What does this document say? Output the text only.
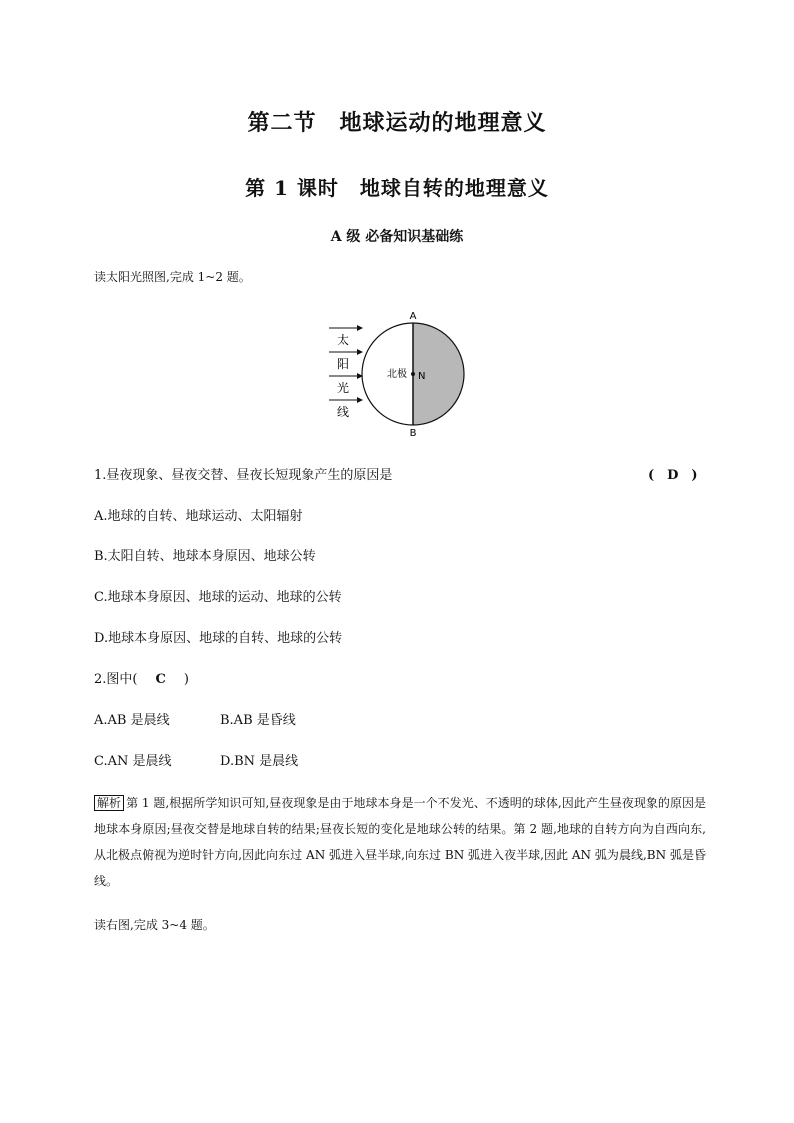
第二节　地球运动的地理意义
第 1 课时　地球自转的地理意义
A 级 必备知识基础练
读太阳光照图,完成 1~2 题。
太
阳
光
线
A
B
N
北极
1.昼夜现象、昼夜交替、昼夜长短现象产生的原因是	(　D　)
A.地球的自转、地球运动、太阳辐射
B.太阳自转、地球本身原因、地球公转
C.地球本身原因、地球的运动、地球的公转
D.地球本身原因、地球的自转、地球的公转
2.图中( C )
A.AB 是晨线	B.AB 是昏线
C.AN 是晨线	D.BN 是晨线
解析 第 1 题,根据所学知识可知,昼夜现象是由于地球本身是一个不发光、不透明的球体,因此产生昼夜现象的原因是地球本身原因;昼夜交替是地球自转的结果;昼夜长短的变化是地球公转的结果。第 2 题,地球的自转方向为自西向东,从北极点俯视为逆时针方向,因此向东过 AN 弧进入昼半球,向东过 BN 弧进入夜半球,因此 AN 弧为晨线,BN 弧是昏线。
读右图,完成 3~4 题。
